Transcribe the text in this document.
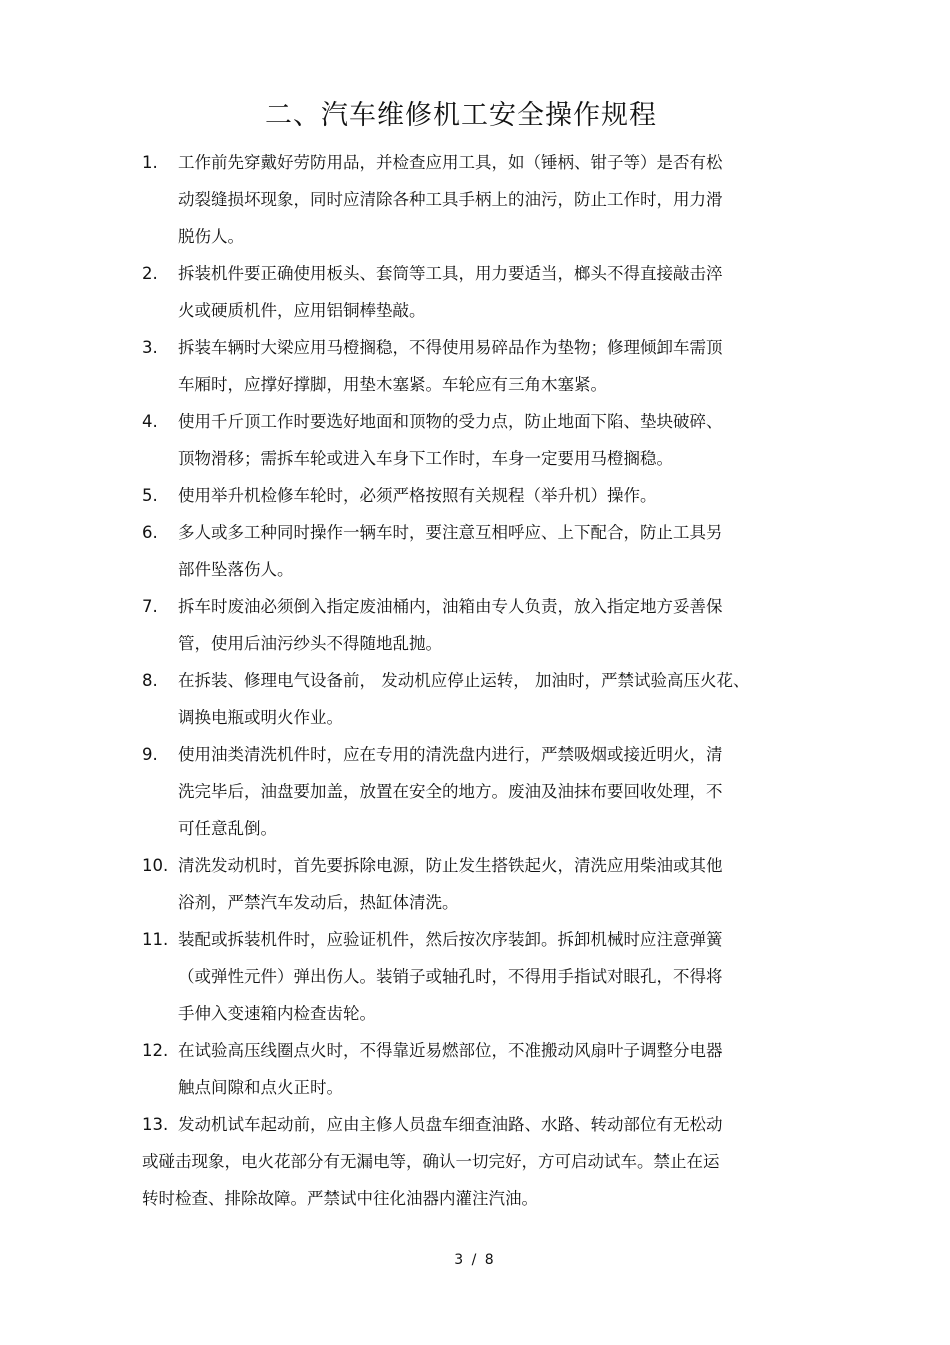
二、汽车维修机工安全操作规程
1. 工作前先穿戴好劳防用品，并检查应用工具，如（锤柄、钳子等）是否有松
动裂缝损坏现象，同时应清除各种工具手柄上的油污，防止工作时，用力滑
脱伤人。
2. 拆装机件要正确使用板头、套筒等工具，用力要适当，榔头不得直接敲击淬
火或硬质机件，应用铝铜棒垫敲。
3. 拆装车辆时大梁应用马橙搁稳，不得使用易碎品作为垫物；修理倾卸车需顶
车厢时，应撑好撑脚，用垫木塞紧。车轮应有三角木塞紧。
4. 使用千斤顶工作时要选好地面和顶物的受力点，防止地面下陷、垫块破碎、
顶物滑移；需拆车轮或进入车身下工作时，车身一定要用马橙搁稳。
5. 使用举升机检修车轮时，必须严格按照有关规程（举升机）操作。
6. 多人或多工种同时操作一辆车时，要注意互相呼应、上下配合，防止工具另
部件坠落伤人。
7. 拆车时废油必须倒入指定废油桶内，油箱由专人负责，放入指定地方妥善保
管，使用后油污纱头不得随地乱抛。
8. 在拆装、修理电气设备前， 发动机应停止运转， 加油时，严禁试验高压火花、
调换电瓶或明火作业。
9. 使用油类清洗机件时，应在专用的清洗盘内进行，严禁吸烟或接近明火，清
洗完毕后，油盘要加盖，放置在安全的地方。废油及油抹布要回收处理，不
可任意乱倒。
10. 清洗发动机时，首先要拆除电源，防止发生搭铁起火，清洗应用柴油或其他
浴剂，严禁汽车发动后，热缸体清洗。
11. 装配或拆装机件时，应验证机件，然后按次序装卸。拆卸机械时应注意弹簧
（或弹性元件）弹出伤人。装销子或轴孔时，不得用手指试对眼孔，不得将
手伸入变速箱内检查齿轮。
12. 在试验高压线圈点火时，不得靠近易燃部位，不准搬动风扇叶子调整分电器
触点间隙和点火正时。
13. 发动机试车起动前，应由主修人员盘车细查油路、水路、转动部位有无松动
或碰击现象，电火花部分有无漏电等，确认一切完好，方可启动试车。禁止在运
转时检查、排除故障。严禁试中往化油器内灌注汽油。
3 / 8
